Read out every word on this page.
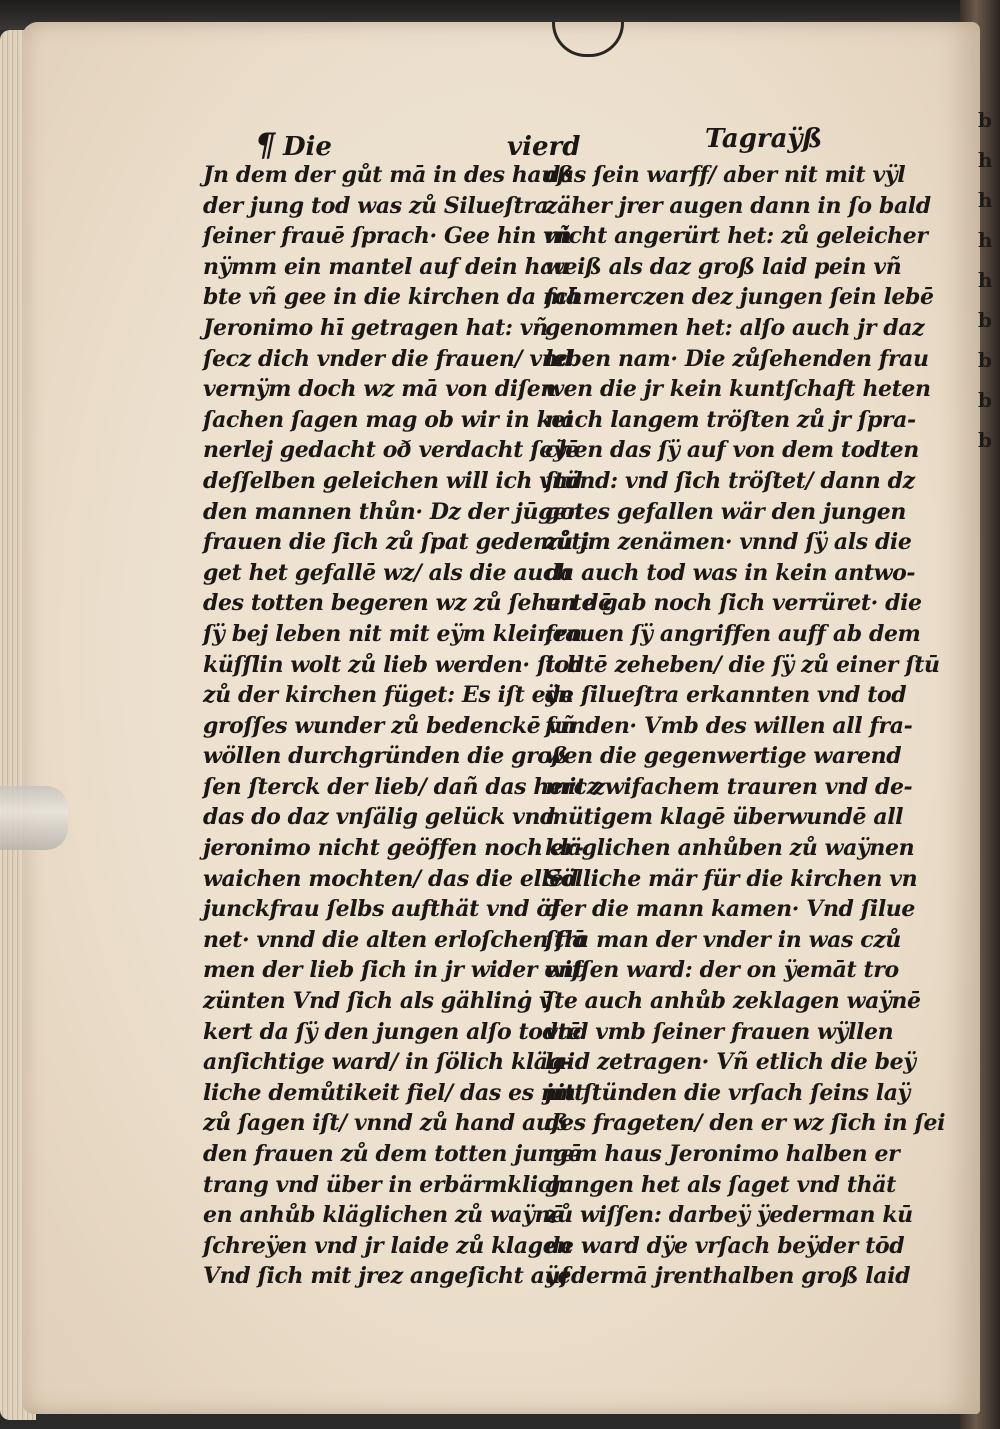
b
h
h
h
h
b
b
b
b
¶ Die	vierd	Tagraÿß
Jn dem der gůt mā in des hauß
der jung tod was zů Silueſtra
ſeiner frauē ſprach· Gee hin vñ
nÿmm ein mantel auf dein hau
bte vñ gee in die kirchen da mā
Jeronimo hī getragen hat: vñ
ſecz dich vnder die frauen/ vnd
vernÿm doch wz mā von diſen
ſachen ſagen mag ob wir in kei
nerlej gedacht oð verdacht ſeÿē
deſſelben geleichen will ich vnd
den mannen thůn· Dz der jūgen
frauen die ſich zů ſpat gedemůti
get het gefallē wz/ als die auch
des totten begeren wz zů ſehen dē
ſÿ bej leben nit mit eÿm kleinen
küſſlin wolt zů lieb werden· ſich
zů der kirchen füget: Es iſt eÿn
groſſes wunder zů bedenckē vñ
wöllen durchgründen die groß
ſen ſterck der lieb/ dañ das hercz
das do daz vnſälig gelück vnd
jeronimo nicht geöffen noch er-
waichen mochten/ das die ellēd
junckfrau ſelbs aufthät vnd öf
net· vnnd die alten erloſchen flā
men der lieb ſich in jr wider ent
zünten Vnd ſich als gählinġ v̄
kert da ſÿ den jungen alſo todtē
anſichtige ward/ in ſölich kläg-
liche demůtikeit fiel/ das es nitt
zů ſagen iſt/ vnnd zů hand auß
den frauen zů dem totten jungē
trang vnd über in erbärmklich
en anhůb kläglichen zů waÿnē
ſchreÿen vnd jr laide zů klagen
Vnd ſich mit jrez angeſicht auf
das ſein warff/ aber nit mit vÿl
zäher jrer augen dann in ſo bald
nicht angerürt het: zů geleicher
weiß als daz groß laid pein vñ
ſchmerczen dez jungen ſein lebē
genommen het: alſo auch jr daz
leben nam· Die zůſehenden frau
wen die jr kein kuntſchaft heten
nach langem tröſten zů jr ſpra-
chen das ſÿ auf von dem todten
ſtünd: vnd ſich tröſtet/ dann dz
gotes gefallen wär den jungen
zů jm zenämen· vnnd ſÿ als die
da auch tod was in kein antwo-
urte gab noch ſich verrüret· die
frauen ſÿ angriffen auff ab dem
todtē zeheben/ die ſÿ zů einer ſtū
de ſilueſtra erkannten vnd tod
funden· Vmb des willen all fra-
wen die gegenwertige warend
mit zwifachem trauren vnd de-
mütigem klagē überwundē all
kläglichen anhůben zů waÿnen
Sölliche mär für die kirchen vn
der die mann kamen· Vnd ſilue
ſtra man der vnder in was czů
wiſſen ward: der on ÿemāt tro
ſte auch anhůb zeklagen waÿnē
vnd vmb ſeiner frauen wÿllen
laid zetragen· Vñ etlich die beÿ
jm ſtünden die vrſach ſeins laÿ
des frageten/ den er wz ſich in ſei
nem haus Jeronimo halben er
gangen het als ſaget vnd thät
zů wiſſen: darbeÿ ÿederman kū
de ward dÿe vrſach beÿder tōd
ÿedermā jrenthalben groß laid
